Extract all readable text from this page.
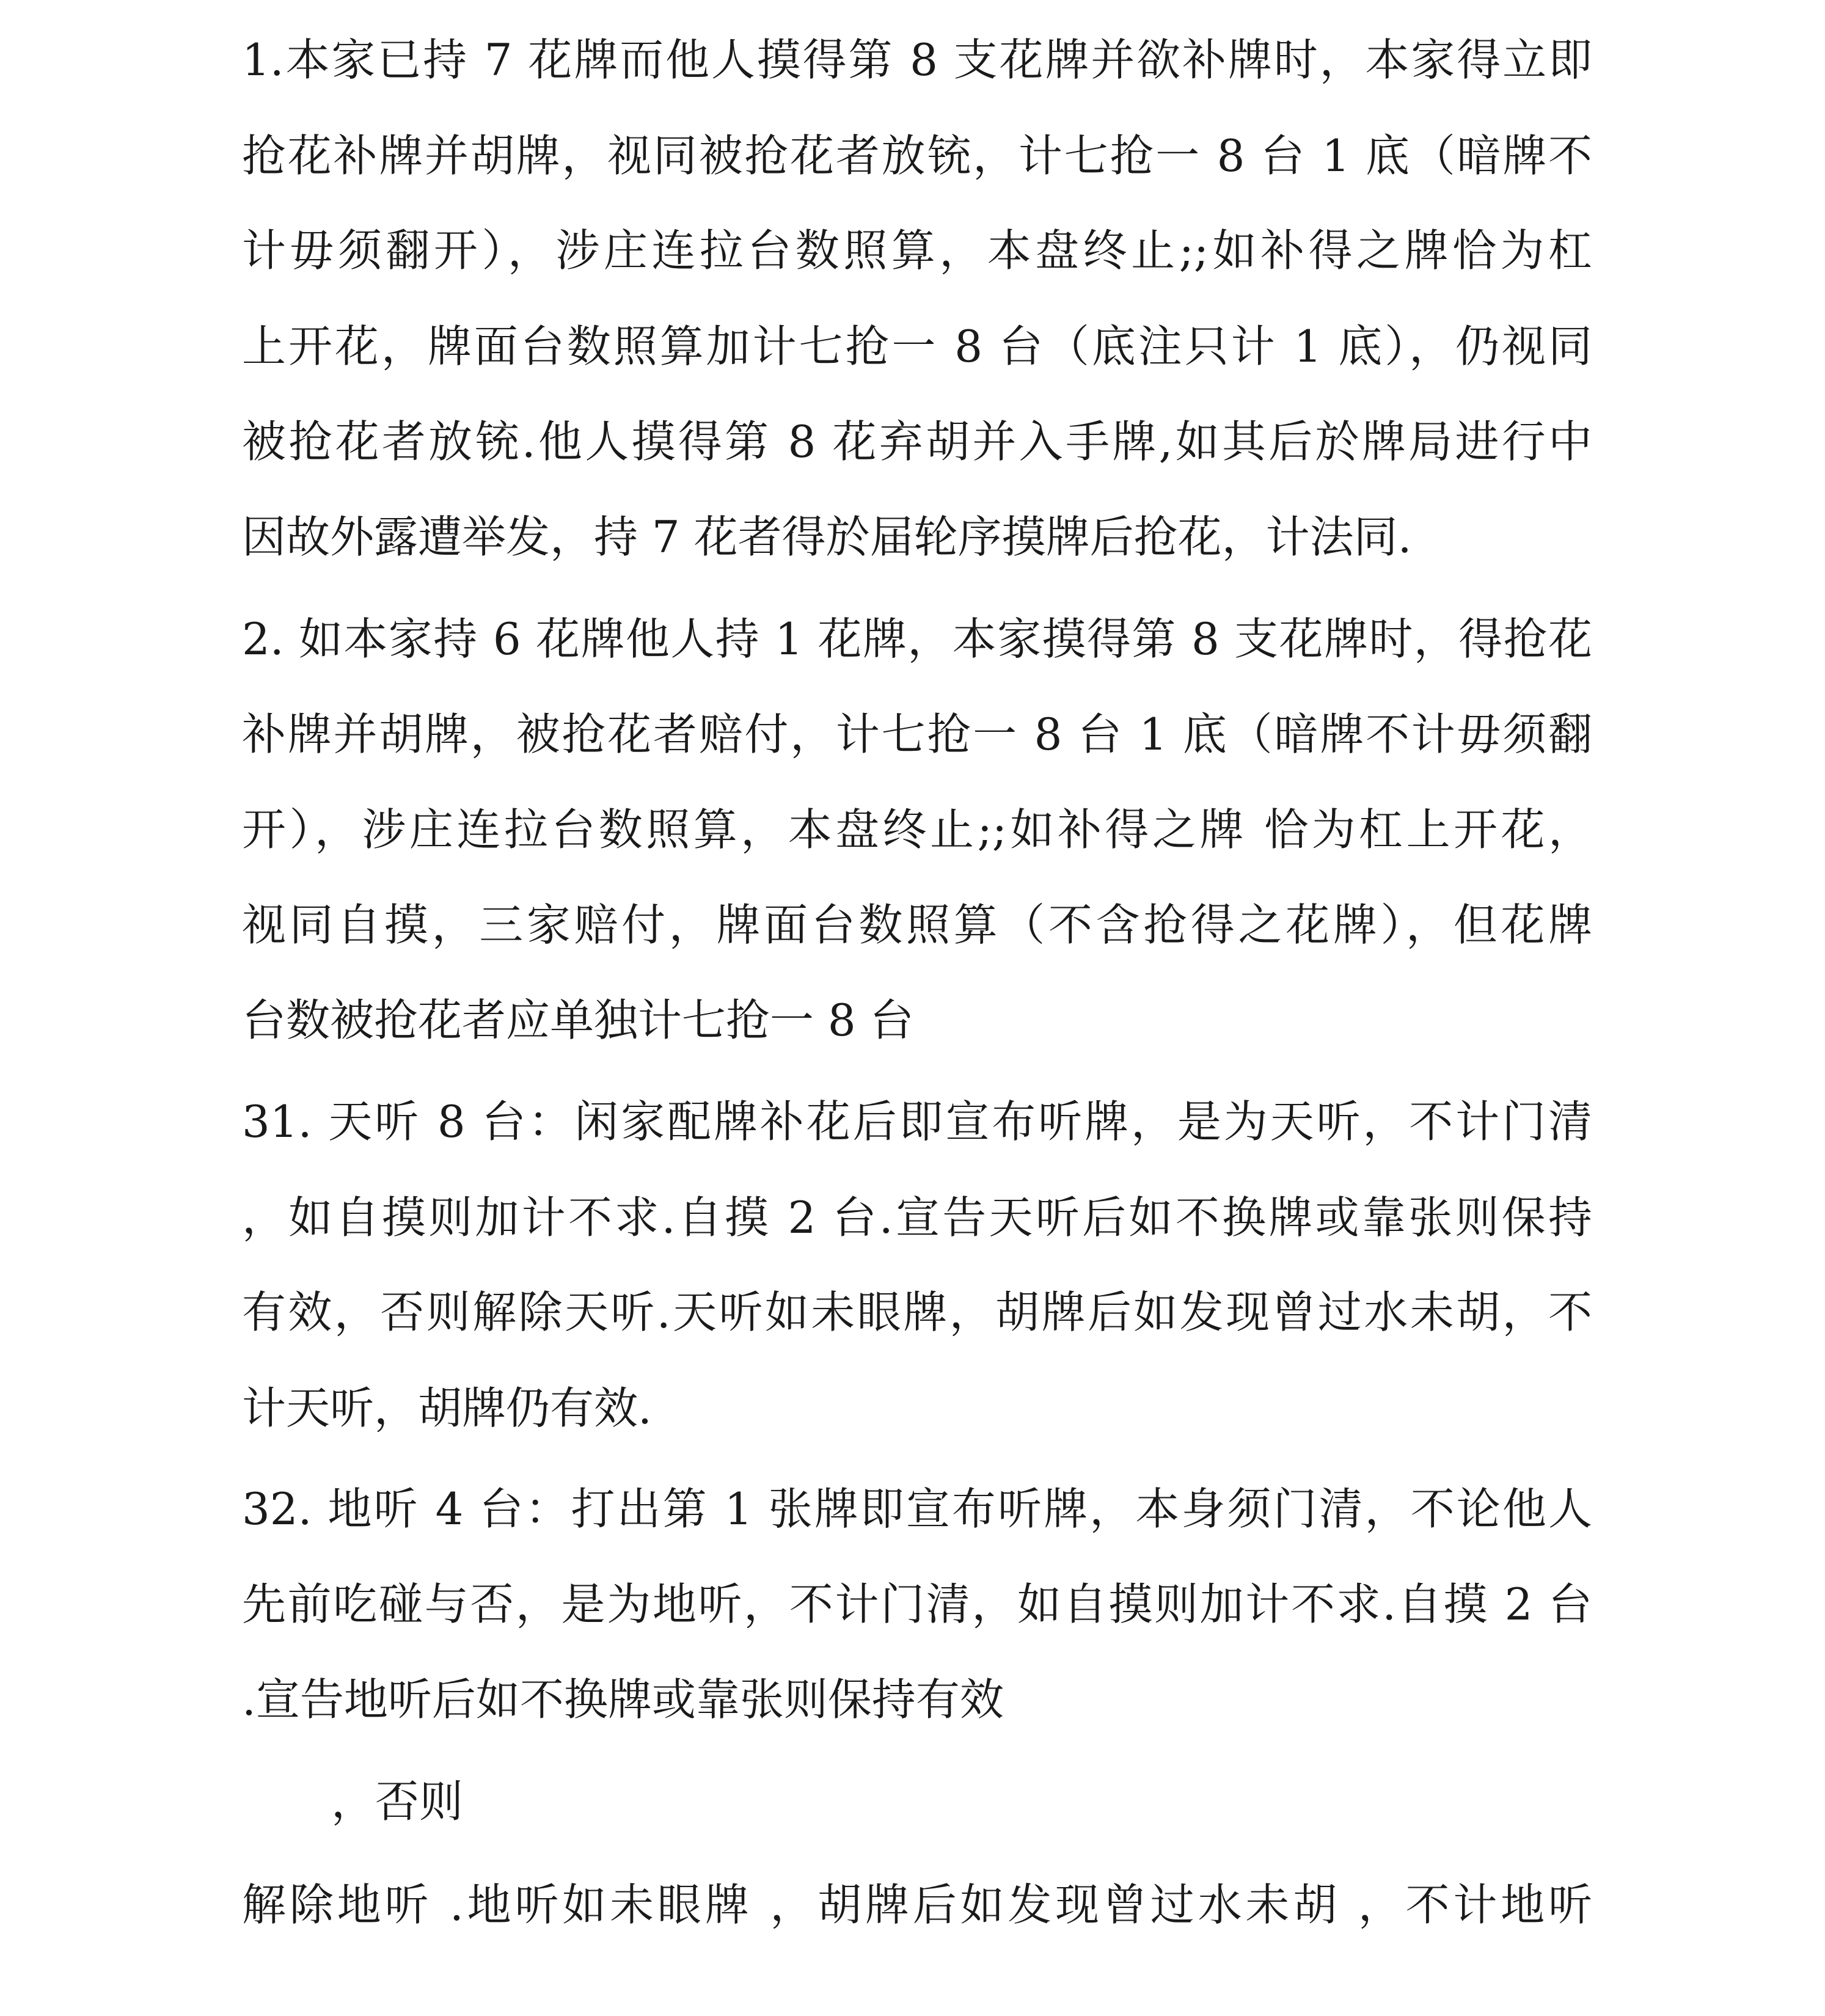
1.本家已持 7 花牌而他人摸得第 8 支花牌并欲补牌时，本家得立即
抢花补牌并胡牌，视同被抢花者放铳，计七抢一 8 台 1 底（暗牌不
计毋须翻开），涉庄连拉台数照算，本盘终止;;如补得之牌恰为杠
上开花，牌面台数照算加计七抢一 8 台（底注只计 1 底），仍视同
被抢花者放铳.他人摸得第 8 花弃胡并入手牌,如其后於牌局进行中
因故外露遭举发，持 7 花者得於届轮序摸牌后抢花，计法同.
2. 如本家持 6 花牌他人持 1 花牌，本家摸得第 8 支花牌时，得抢花
补牌并胡牌，被抢花者赔付，计七抢一 8 台 1 底（暗牌不计毋须翻
开），涉庄连拉台数照算，本盘终止;;如补得之牌 恰为杠上开花，
视同自摸，三家赔付，牌面台数照算（不含抢得之花牌），但花牌
台数被抢花者应单独计七抢一 8 台
31. 天听 8 台：闲家配牌补花后即宣布听牌，是为天听，不计门清
，如自摸则加计不求.自摸 2 台.宣告天听后如不换牌或靠张则保持
有效，否则解除天听.天听如未眼牌，胡牌后如发现曾过水未胡，不
计天听，胡牌仍有效.
32. 地听 4 台：打出第 1 张牌即宣布听牌，本身须门清，不论他人
先前吃碰与否，是为地听，不计门清，如自摸则加计不求.自摸 2 台
.宣告地听后如不换牌或靠张则保持有效
，否则
解除地听 .地听如未眼牌 ，胡牌后如发现曾过水未胡 ，不计地听
